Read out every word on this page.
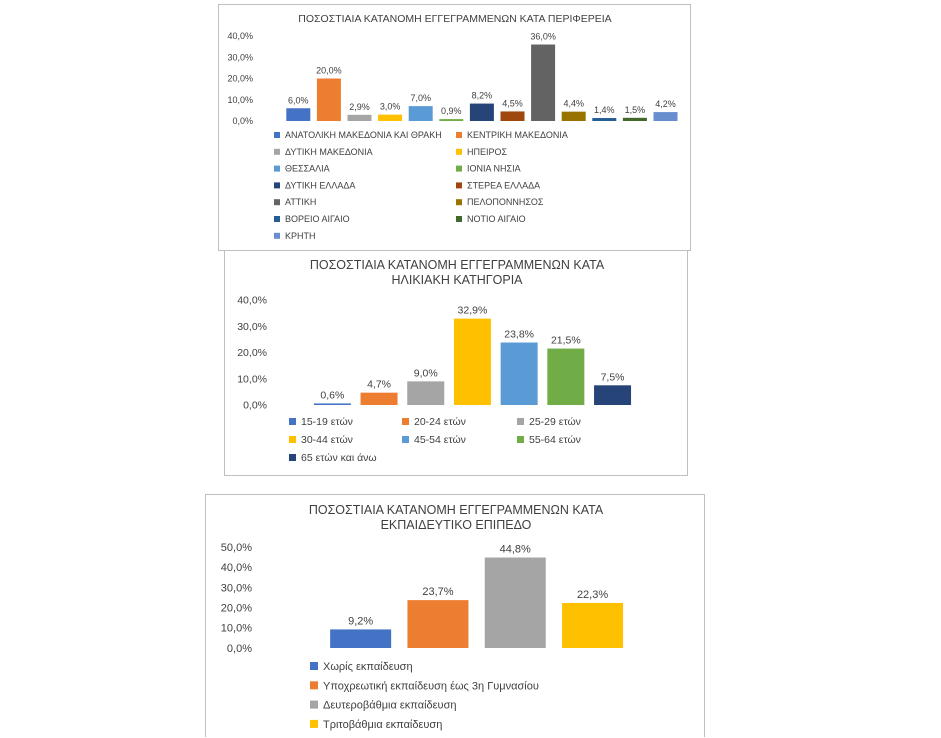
ΠΟΣΟΣΤΙΑΙΑ ΚΑΤΑΝΟΜΗ ΕΓΓΕΓΡΑΜΜΕΝΩΝ ΚΑΤΑ ΠΕΡΙΦΕΡΕΙΑ
0,0%
10,0%
20,0%
30,0%
40,0%
6,0%
20,0%
2,9% 3,0%
7,0%
0,9%
8,2%
4,5%
36,0%
4,4%
1,4% 1,5%
4,2%
ΑΝΑΤΟΛΙΚΗ ΜΑΚΕΔΟΝΙΑ ΚΑΙ ΘΡΑΚΗ	ΚΕΝΤΡΙΚΗ ΜΑΚΕΔΟΝΙΑ
ΔΥΤΙΚΗ ΜΑΚΕΔΟΝΙΑ	ΗΠΕΙΡΟΣ
ΘΕΣΣΑΛΙΑ	ΙΟΝΙΑ ΝΗΣΙΑ
ΔΥΤΙΚΗ ΕΛΛΑΔΑ	ΣΤΕΡΕΑ ΕΛΛΑΔΑ
ΑΤΤΙΚΗ	ΠΕΛΟΠΟΝΝΗΣΟΣ
ΒΟΡΕΙΟ ΑΙΓΑΙΟ	ΝΟΤΙΟ ΑΙΓΑΙΟ
ΚΡΗΤΗ
ΠΟΣΟΣΤΙΑΙΑ ΚΑΤΑΝΟΜΗ ΕΓΓΕΓΡΑΜΜΕΝΩΝ ΚΑΤΑ
ΗΛΙΚΙΑΚΗ ΚΑΤΗΓΟΡΙΑ
0,0%
10,0%
20,0%
30,0%
40,0%
0,6%
4,7%
9,0%
32,9%
23,8%
21,5%
7,5%
15-19 ετών	20-24 ετών	25-29 ετών
30-44 ετών	45-54 ετών	55-64 ετών
65 ετών και άνω
ΠΟΣΟΣΤΙΑΙΑ ΚΑΤΑΝΟΜΗ ΕΓΓΕΓΡΑΜΜΕΝΩΝ ΚΑΤΑ
ΕΚΠΑΙΔΕΥΤΙΚΟ ΕΠΙΠΕΔΟ
0,0%
10,0%
20,0%
30,0%
40,0%
50,0%
9,2%
23,7%
44,8%
22,3%
Χωρίς εκπαίδευση
Υποχρεωτική εκπαίδευση έως 3η Γυμνασίου
Δευτεροβάθμια εκπαίδευση
Τριτοβάθμια εκπαίδευση
